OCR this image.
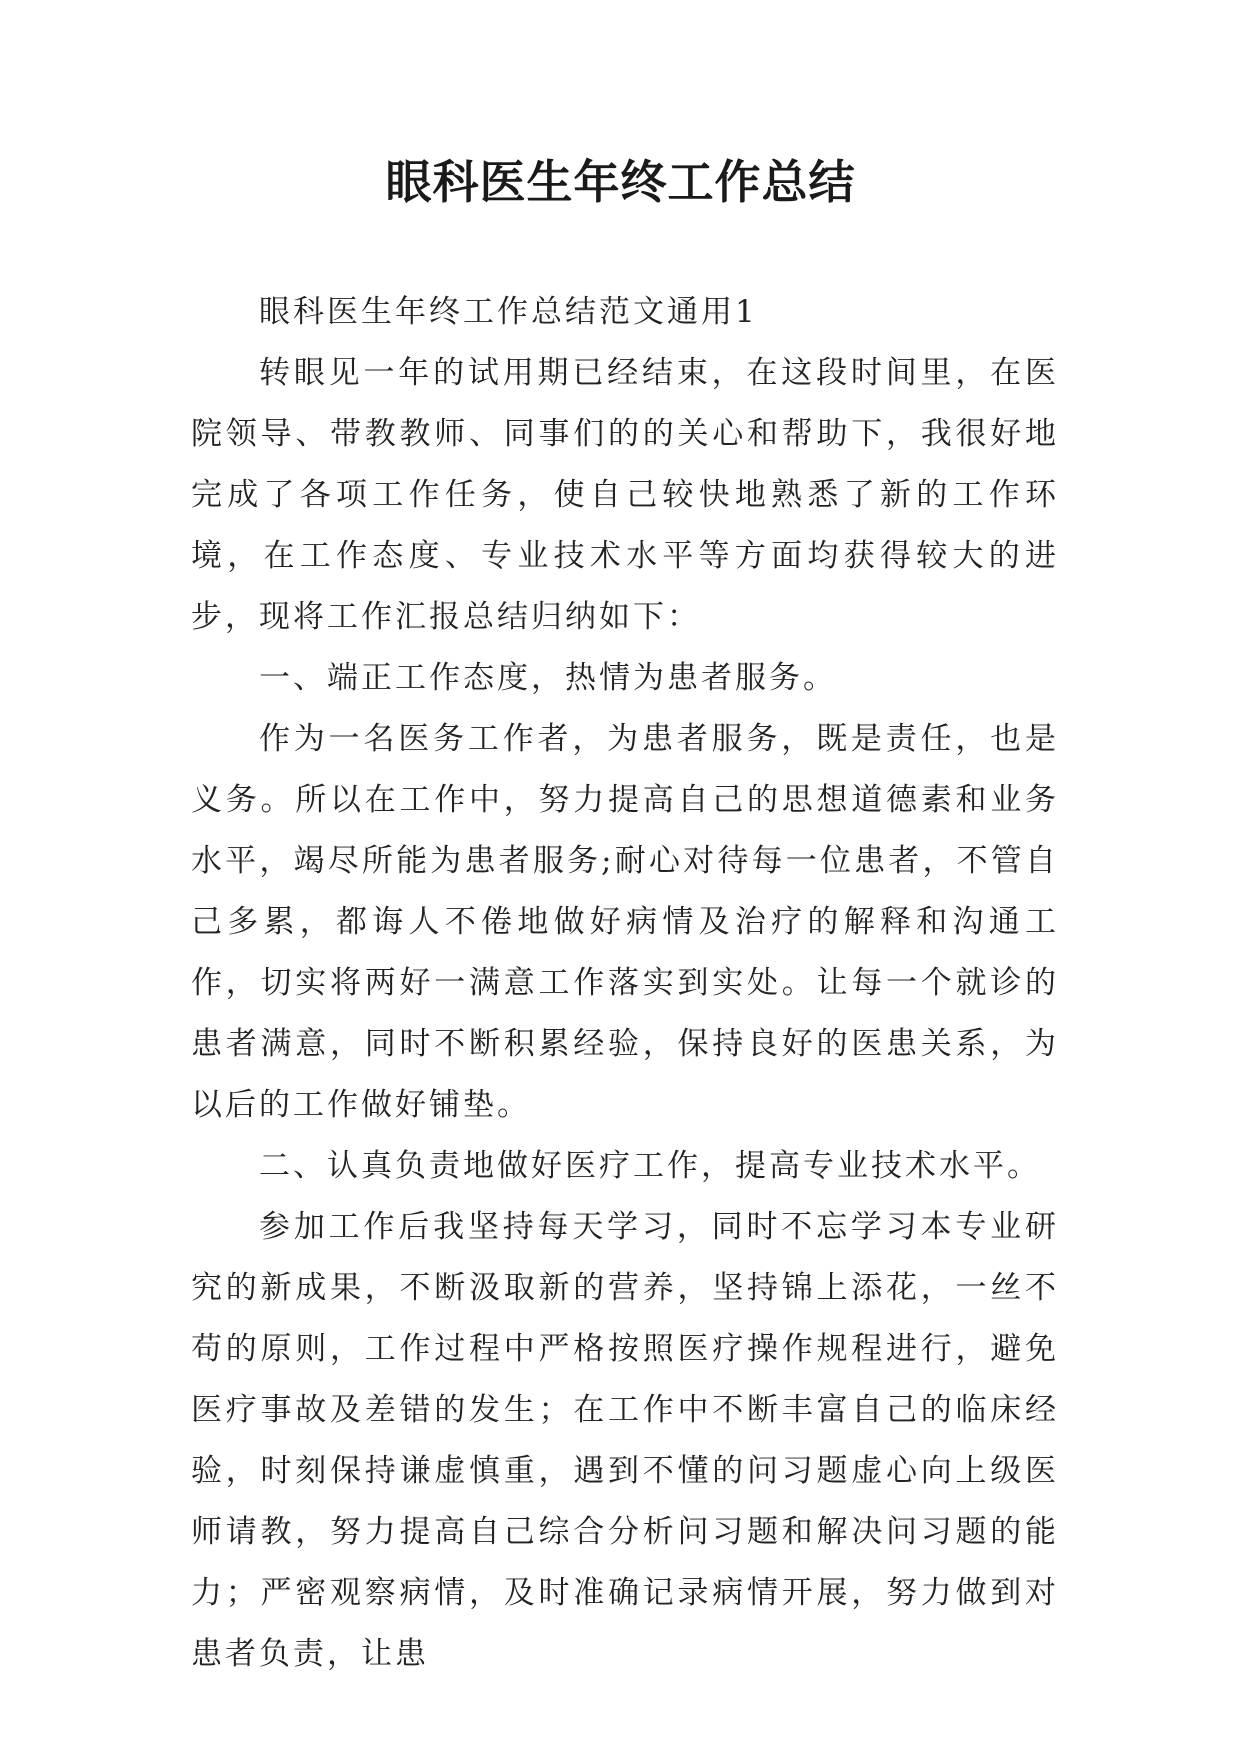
眼科医生年终工作总结

眼科医生年终工作总结范文通用1

转眼见一年的试用期已经结束，在这段时间里，在医院领导、带教教师、同事们的的关心和帮助下，我很好地完成了各项工作任务，使自己较快地熟悉了新的工作环境，在工作态度、专业技术水平等方面均获得较大的进步，现将工作汇报总结归纳如下：

一、端正工作态度，热情为患者服务。

作为一名医务工作者，为患者服务，既是责任，也是义务。所以在工作中，努力提高自己的思想道德素和业务水平，竭尽所能为患者服务;耐心对待每一位患者，不管自己多累，都诲人不倦地做好病情及治疗的解释和沟通工作，切实将两好一满意工作落实到实处。让每一个就诊的患者满意，同时不断积累经验，保持良好的医患关系，为以后的工作做好铺垫。

二、认真负责地做好医疗工作，提高专业技术水平。

参加工作后我坚持每天学习，同时不忘学习本专业研究的新成果，不断汲取新的营养，坚持锦上添花，一丝不苟的原则，工作过程中严格按照医疗操作规程进行，避免医疗事故及差错的发生；在工作中不断丰富自己的临床经验，时刻保持谦虚慎重，遇到不懂的问习题虚心向上级医师请教，努力提高自己综合分析问习题和解决问习题的能力；严密观察病情，及时准确记录病情开展，努力做到对患者负责，让患
